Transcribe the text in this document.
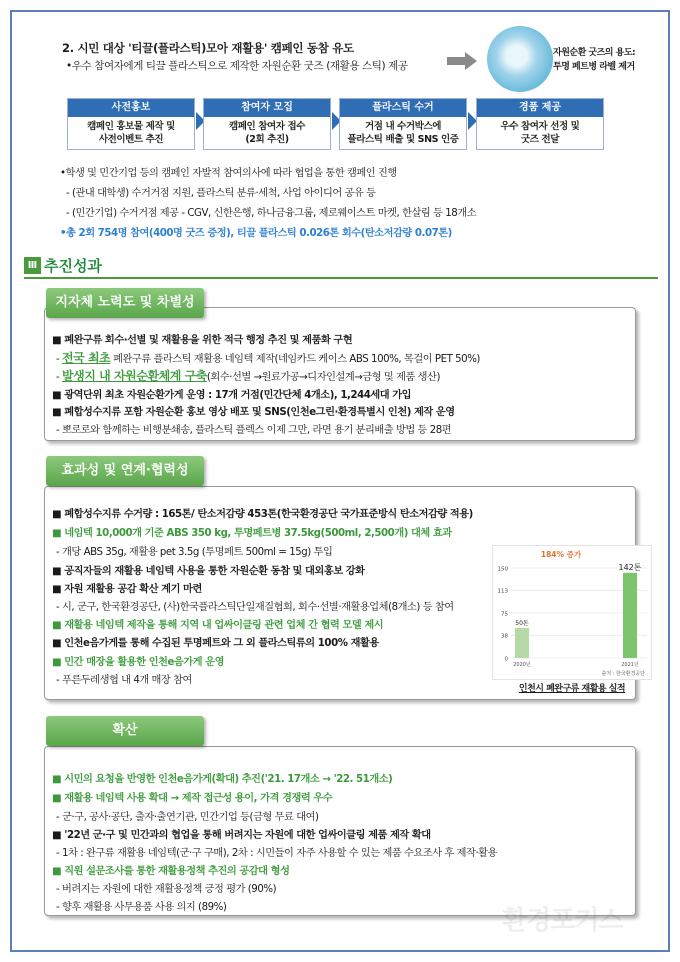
2. 시민 대상 '티끌(플라스틱)모아 재활용' 캠페인 동참 유도
•우수 참여자에게 티끌 플라스틱으로 제작한 자원순환 굿즈 (재활용 스틱) 제공
자원순환 굿즈의 용도:
투명 페트병 라벨 제거
사전홍보
캠페인 홍보물 제작 및
사전이벤트 추진
참여자 모집
캠페인 참여자 접수
(2회 추진)
플라스틱 수거
거점 내 수거박스에
플라스틱 배출 및 SNS 인증
경품 제공
우수 참여자 선정 및
굿즈 전달
•학생 및 민간기업 등의 캠페인 자발적 참여의사에 따라 협업을 통한 캠페인 진행
- (관내 대학생) 수거거점 지원, 플라스틱 분류·세척, 사업 아이디어 공유 등
- (민간기업) 수거거점 제공 - CGV, 신한은행, 하나금융그룹, 제로웨이스트 마켓, 한살림 등 18개소
•총 2회 754명 참여(400명 굿즈 증정), 티끌 플라스틱 0.026톤 회수(탄소저감량 0.07톤)
Ⅲ 추진성과
지자체 노력도 및 차별성
■ 폐완구류 회수·선별 및 재활용을 위한 적극 행정 추진 및 제품화 구현
- 전국 최초 폐완구류 플라스틱 재활용 네임텍 제작(네임카드 케이스 ABS 100%, 목걸이 PET 50%)
- 발생지 내 자원순환체계 구축(회수·선별 →원료가공→디자인설계→금형 및 제품 생산)
■ 광역단위 최초 자원순환가게 운영 : 17개 거점(민간단체 4개소), 1,244세대 가입
■ 폐합성수지류 포함 자원순환 홍보 영상 배포 및 SNS(인천e그린·환경특별시 인천) 제작 운영
- 뽀로로와 함께하는 비행분쇄송, 플라스틱 플렉스 이제 그만, 라면 용기 분리배출 방법 등 28편
효과성 및 연계·협력성
■ 폐합성수지류 수거량 : 165톤/ 탄소저감량 453톤(한국환경공단 국가표준방식 탄소저감량 적용)
■ 네임텍 10,000개 기준 ABS 350 kg, 투명페트병 37.5kg(500ml, 2,500개) 대체 효과
- 개당 ABS 35g, 재활용 pet 3.5g (투명페트 500ml = 15g) 투입
■ 공직자들의 재활용 네임텍 사용을 통한 자원순환 동참 및 대외홍보 강화
■ 자원 재활용 공감 확산 계기 마련
- 시, 군구, 한국환경공단, (사)한국플라스틱단일재질협회, 회수·선별·재활용업체(8개소) 등 참여
■ 재활용 네임텍 제작을 통해 지역 내 업싸이클링 관련 업체 간 협력 모델 제시
■ 인천e음가게를 통해 수집된 투명페트와 그 외 플라스틱류의 100% 재활용
■ 민간 매장을 활용한 인천e음가게 운영
- 푸른두레생협 내 4개 매장 참여
0
38
75
113
150
50톤
2020년
142톤
2021년
184% 증가
출처 : 한국환경공단
인천시 폐완구류 재활용 실적
확산
■ 시민의 요청을 반영한 인천e음가게(확대) 추진('21. 17개소 → '22. 51개소)
■ 재활용 네임텍 사용 확대 → 제작 접근성 용이, 가격 경쟁력 우수
- 군·구, 공사·공단, 출자·출연기관, 민간기업 등(금형 무료 대여)
■ '22년 군·구 및 민간과의 협업을 통해 버려지는 자원에 대한 업싸이클링 제품 제작 확대
- 1차 : 완구류 재활용 네임텍(군·구 구매), 2차 : 시민들이 자주 사용할 수 있는 제품 수요조사 후 제작·활용
■ 직원 설문조사를 통한 재활용정책 추진의 공감대 형성
- 버려지는 자원에 대한 재활용정책 긍정 평가 (90%)
- 향후 재활용 사무용품 사용 의지 (89%)	환경포커스
